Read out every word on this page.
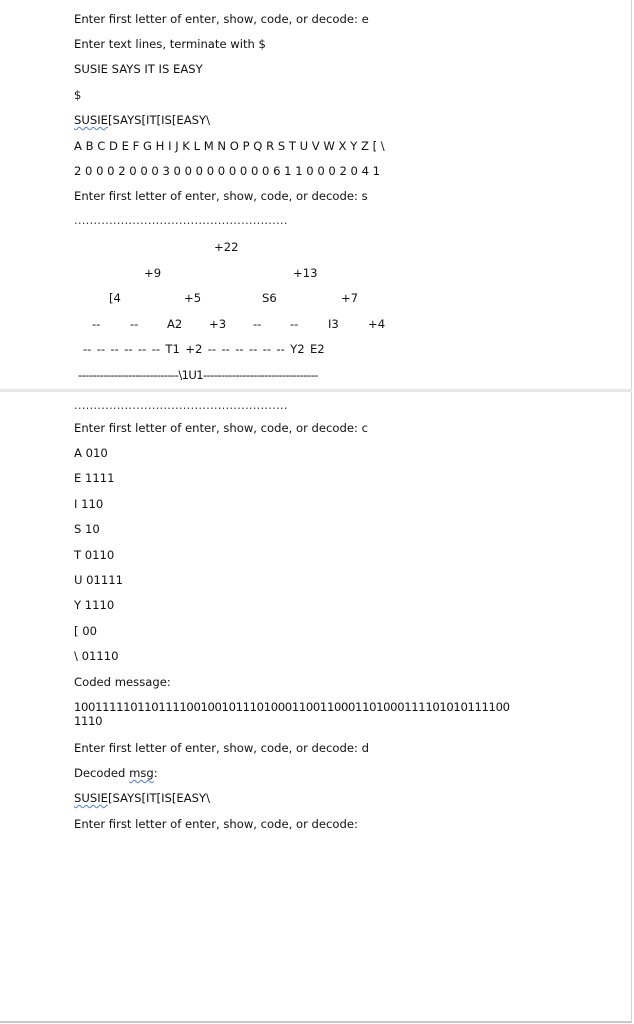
Enter first letter of enter, show, code, or decode: e
Enter text lines, terminate with $
SUSIE SAYS IT IS EASY
$
SUSIE[SAYS[IT[IS[EASY\
A B C D E F G H I J K L M N O P Q R S T U V W X Y Z [ \
2 0 0 0 2 0 0 0 3 0 0 0 0 0 0 0 0 0 6 1 1 0 0 0 2 0 4 1
Enter first letter of enter, show, code, or decode: s
.......................................................
+22
+9	+13
[4	+5	S6	+7
--	-- A2 +3 -- --	I3	+4
--  --  --  --  --  --  T1  +2  --  --  --  --  --  --  Y2  E2
----------------------------\1U1--------------------------------
.......................................................
Enter first letter of enter, show, code, or decode: c
A 010
E 1111
I 110
S 10
T 0110
U 01111
Y 1110
[ 00
\ 01110
Coded message:
10011111011011110010010111010001100110001101000111101010111100
1110
Enter first letter of enter, show, code, or decode: d
Decoded msg:
SUSIE[SAYS[IT[IS[EASY\
Enter first letter of enter, show, code, or decode:
